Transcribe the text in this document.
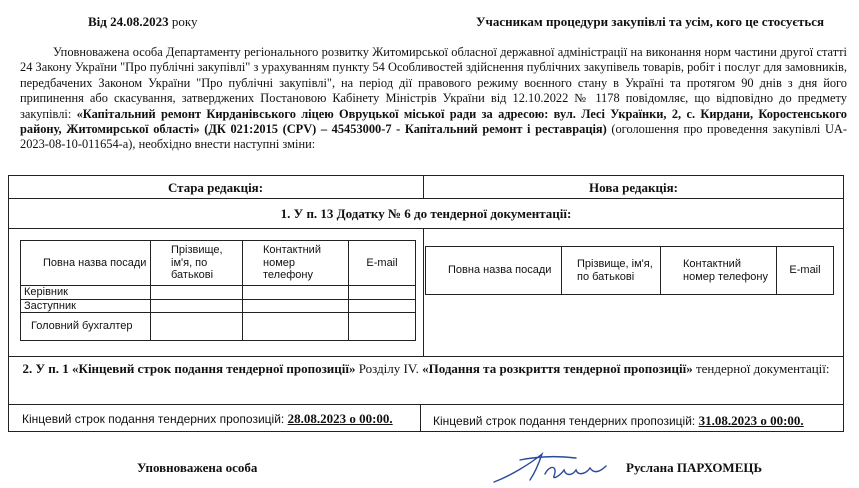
Від 24.08.2023 року	Учасникам процедури закупівлі та усім, кого це стосується

Уповноважена особа Департаменту регіонального розвитку Житомирської обласної державної адміністрації на виконання норм частини другої статті 24 Закону України "Про публічні закупівлі" з урахуванням пункту 54 Особливостей здійснення публічних закупівель товарів, робіт і послуг для замовників, передбачених Законом України "Про публічні закупівлі", на період дії правового режиму воєнного стану в Україні та протягом 90 днів з дня його припинення або скасування, затверджених Постановою Кабінету Міністрів України від 12.10.2022 № 1178 повідомляє, що відповідно до предмету закупівлі: «Капітальний ремонт Кирданівського ліцею Овруцької міської ради за адресою: вул. Лесі Українки, 2, с. Кирдани, Коростенського району, Житомирської області» (ДК 021:2015 (CPV) – 45453000-7 - Капітальний ремонт і реставрація) (оголошення про проведення закупівлі UA-2023-08-10-011654-a), необхідно внести наступні зміни:

Стара редакція:	Нова редакція:
1. У п. 13 Додатку № 6 до тендерної документації:
Повна назва посади	Прізвище, ім'я, по батькові	Контактний номер телефону	E-mail
Керівник			
Заступник			
Головний бухгалтер			
Повна назва посади	Прізвище, ім'я, по батькові	Контактний номер телефону	E-mail
2. У п. 1 «Кінцевий строк подання тендерної пропозиції» Розділу IV. «Подання та розкриття тендерної пропозиції» тендерної документації:
Кінцевий строк подання тендерних пропозицій: 28.08.2023 о 00:00.	Кінцевий строк подання тендерних пропозицій: 31.08.2023 о 00:00.
Уповноважена особа	Руслана ПАРХОМЕЦЬ
